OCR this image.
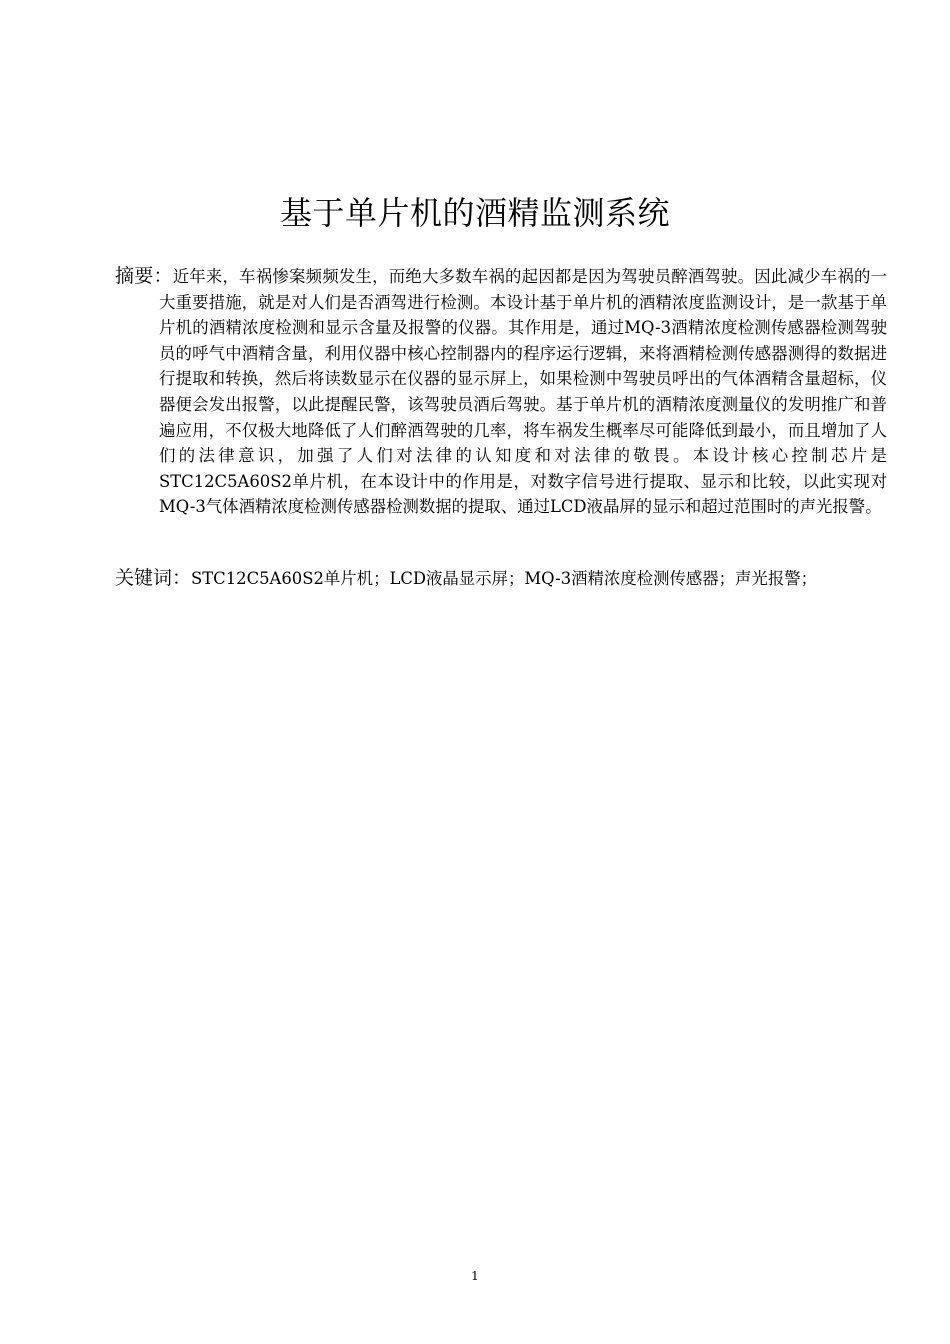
基于单片机的酒精监测系统

摘要：近年来，车祸惨案频频发生，而绝大多数车祸的起因都是因为驾驶员醉酒驾驶。因此减少车祸的一大重要措施，就是对人们是否酒驾进行检测。本设计基于单片机的酒精浓度监测设计，是一款基于单片机的酒精浓度检测和显示含量及报警的仪器。其作用是，通过MQ-3酒精浓度检测传感器检测驾驶员的呼气中酒精含量，利用仪器中核心控制器内的程序运行逻辑，来将酒精检测传感器测得的数据进行提取和转换，然后将读数显示在仪器的显示屏上，如果检测中驾驶员呼出的气体酒精含量超标，仪器便会发出报警，以此提醒民警，该驾驶员酒后驾驶。基于单片机的酒精浓度测量仪的发明推广和普遍应用，不仅极大地降低了人们醉酒驾驶的几率，将车祸发生概率尽可能降低到最小，而且增加了人们的法律意识，加强了人们对法律的认知度和对法律的敬畏。本设计核心控制芯片是STC12C5A60S2单片机，在本设计中的作用是，对数字信号进行提取、显示和比较，以此实现对MQ-3气体酒精浓度检测传感器检测数据的提取、通过LCD液晶屏的显示和超过范围时的声光报警。

关键词：STC12C5A60S2单片机；LCD液晶显示屏；MQ-3酒精浓度检测传感器；声光报警；

1
